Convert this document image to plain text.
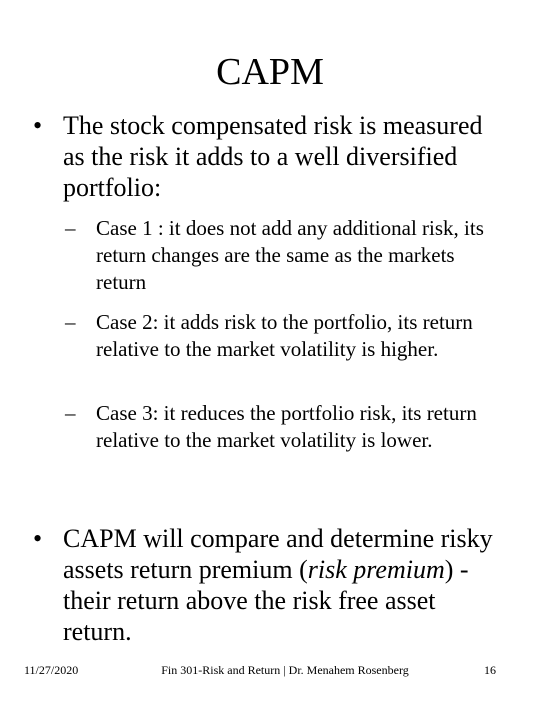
CAPM
• The stock compensated risk is measured as the risk it adds to a well diversified portfolio:
– Case 1 : it does not add any additional risk, its return changes are the same as the markets return
– Case 2: it adds risk to the portfolio, its return relative to the market volatility is higher.
– Case 3: it reduces the portfolio risk, its return relative to the market volatility is lower.
• CAPM will compare and determine risky assets return premium (risk premium) - their return above the risk free asset return.
11/27/2020	Fin 301-Risk and Return | Dr. Menahem Rosenberg	16
